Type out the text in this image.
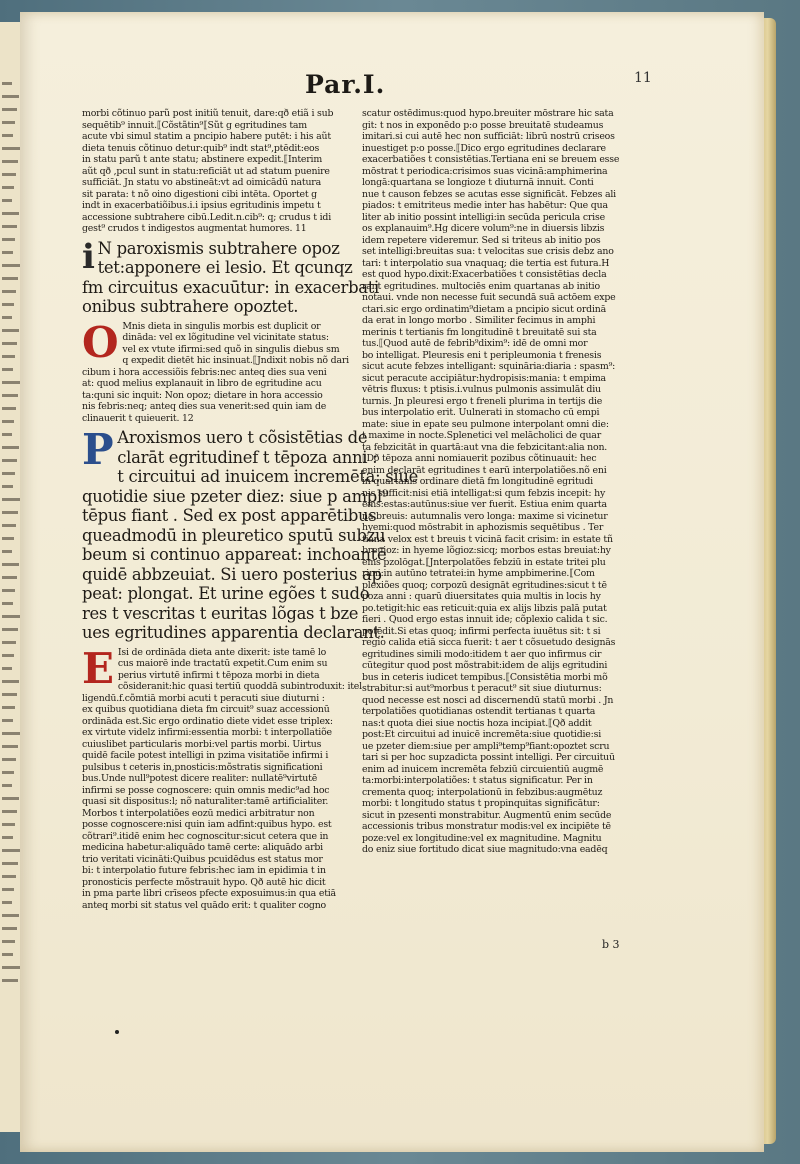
Par.I.	11
morbi cõtinuo parũ post initiũ tenuit, dare:qð etiã i sub
sequētib⁹ innuit.⟦Cõstãtin⁹⟦Sũt g egritudines tam
acute vbi simul statim a pncipio habere putēt: i his aũt
dieta tenuis cõtinuo detur:quib⁹ indt stat⁹,ptēdit:eos
in statu parũ t ante statu; abstinere expedit.⟦Interim
aũt qð ,pcul sunt in statu:reficiāt ut ad statum puenire
sufficiāt. Jn statu vo abstineāt:vt ad oimicādū natura
sit parata: t nõ oino digestioni cibi intēta. Oportet g
indt in exacerbatiõibus.i.i ipsius egritudinis impetu t
accessione subtrahere cibū.Ledit.n.cib⁹: q; crudus t idi
gest⁹ crudos t indigestos augmentat humores. 11
i N paroxismis subtrahere opoz
tet:apponere ei lesio. Et qcunqz
fm circuitus exacuūtur: in exacerbati
onibus subtrahere opoztet.
O Mnis dieta in singulis morbis est duplicit or
dināda: vel ex lõgitudine vel vicinitate status:
vel ex vtute ifirmi:sed quõ in singulis diebus sm
q expedit dietēt hic insinuat.⟦Jndixit nobis nõ dari
cibum i hora accessiõis febris:nec anteq dies sua veni
at: quod melius explanauit in libro de egritudine acu
ta:quni sic inquit: Non opoz; dietare in hora accessio
nis febris:neq; anteq dies sua venerit:sed quin iam de
clinauerit t quieuerit. 12
P Aroxismos uero t cõsistētias de
clarāt egritudinef t tēpoza anni :
t circuitui ad inuicem incremēta: siue
quotidie siue pzeter diez: siue p ampl⁹
tēpus fiant . Sed ex post apparētibus
queadmodū in pleuretico sputū subzu
beum si continuo appareat: inchoantē
quidē abbzeuiat. Si uero posterius ap
peat: plongat. Et urine egões t sudo
res t vescritas t euritas lõgas t bze
ues egritudines apparentia declarant.
E Isi de ordināda dieta ante dixerit: iste tamē lo
cus maiorē inde tractatū expetit.Cum enim su
perius virtutē infirmi t tēpoza morbi in dieta
cõsideranit:hic quasi tertiū quoddā subintroduxit: itel
ligendū.f.cõmtiā morbi acuti t peracuti siue diuturni :
ex quibus quotidiana dieta fm circuit⁹ suaz accessionū
ordināda est.Sic ergo ordinatio diete videt esse triplex:
ex virtute videlz infirmi:essentia morbi: t interpollatiõe
cuiuslibet particularis morbi:vel partis morbi. Uirtus
quidē facile potest intelligi in pzima visitatiõe infirmi i
pulsibus t ceteris in,pnosticis:mõstratis significationi
bus.Unde null⁹potest dicere realiter: nullatē⁹virtutē
infirmi se posse cognoscere: quin omnis medic⁹ad hoc
quasi sit dispositus:l; nõ naturaliter:tamē artificialiter.
Morbos t interpolatiões eozū medici arbitratur non
posse cognoscere:nisi quin iam adfint:quibus hypo. est
cõtrari⁹.itidē enim hec cognoscitur:sicut cetera que in
medicina habetur:aliquādo tamē certe: aliquādo arbi
trio veritati vicināti:Quibus pcuidēdus est status mor
bi: t interpolatio future febris:hec iam in epidimia t in
pronosticis perfecte mõstrauit hypo. Qð autē hic dicit
in pma parte libri crīseos pfecte exposuimus:in qua etiā
anteq morbi sit status vel quādo erit: t qualiter cogno
scatur ostēdimus:quod hypo.breuiter mōstrare hic sata
git: t nos in exponēdo p:o posse breuitatē studeamus
imitari.si cui autē hec non sufficiāt: librū nostrū criseos
inuestiget p:o posse.⟦Dico ergo egritudines declarare
exacerbatiões t consistētias.Tertiana eni se breuem esse
mōstrat t periodica:crisimos suas vicinā:amphimerina
longā:quartana se longioze t diuturnā innuit. Conti
nue t causon febzes se acutas esse significāt. Febzes ali
piados: t emitriteus medie inter has habētur: Que qua
liter ab initio possint intelligi:in secūda pericula crise
os explanauim⁹.Hg dicere volum⁹:ne in diuersis libzis
idem repetere videremur. Sed si triteus ab initio pos
set intelligi:breuitas sua: t velocitas sue crisis debz ano
tari: t interpolatio sua vnaquaq; die tertia est futura.H
est quod hypo.dixit:Exacerbatiões t consistētias decla
rant egritudines. multociēs enim quartanas ab initio
notaui. vnde non necesse fuit secundā suā actōem expe
ctari.sic ergo ordinatim⁹dietam a pncipio sicut ordinā
da erat in longo morbo . Similiter fecimus in amphi
merinis t tertianis fm longitudinē t breuitatē sui sta
tus.⟦Quod autē de febrib⁹dixim⁹: idē de omni mor
bo intelligat. Pleuresis eni t peripleumonia t frenesis
sicut acute febzes intelligant: squināria:diaria : spasm⁹:
sicut peracute accipiātur:hydropisis:mania: t empima
vētris fluxus: t ptisis.i.vulnus pulmonis assimulāt diu
turnis. Jn pleuresi ergo t freneli plurima in tertijs die
bus interpolatio erit. Uulnerati in stomacho cū empi
mate: siue in epate seu pulmone interpolant omni die:
t maxime in nocte.Splenetici vel melācholici de quar
ta febzicitāt in quartā:aut vna die febzicitant:alia non.
⟦Dð tēpoza anni nomiauerit pozibus cõtinuauit: hec
enim declarāt egritudines t earū interpolatiões.nõ eni
in quartanis ordinare dietā fm longitudinē egritudi
nis sufficit:nisi etiā intelligat:si qum febzis incepit: hy
ems:estas:autūnus:siue ver fuerit. Estiua enim quarta
na breuis: autumnalis vero longa: maxime si vicinetur
hyemi:quod mōstrabit in aphozismis sequētibus . Ter
tiana velox est t breuis t vicinā facit crisim: in estate tñ
breuioz: in hyeme lõgioz:sicq; morbos estas breuiat:hy
ems pzolōgat.⟦Jnterpolatões febziū in estate tritei plu
rimi:in autūno tetratei:in hyme ampbimerine.⟦Com
plexiões quoq; corpozū designāt egritudines:sicut t tē
poza anni : quarū diuersitates quia multis in locis hy
po.tetigit:hic eas reticuit:quia ex alijs libzis palā putat
fieri . Quod ergo estas innuit ide; cõplexio calida t sic.
potēdit.Si etas quoq; infirmi perfecta iuuētus sit: t si
regio calida etiā sicca fuerit: t aer t cõsuetudo designās
egritudines simili modo:itidem t aer quo infirmus cir
cūtegitur quod post mõstrabit:idem de alijs egritudini
bus in ceteris iudicet tempibus.⟦Consistētia morbi mõ
strabitur:si aut⁹morbus t peracut⁹ sit siue diuturnus:
quod necesse est nosci ad discernendū statū morbi . Jn
terpolatiões quotidianas ostendit tertianas t quarta
nas:t quota diei siue noctis hoza incipiat.⟦Qð addit
post:Et circuitui ad inuicē incremēta:siue quotidie:si
ue pzeter diem:siue per ampli⁹temp⁹fiant:opoztet scru
tari si per hoc supzadicta possint intelligi. Per circuituū
enim ad inuicem incremēta febziū circuientiū augmē
ta:morbi:interpolatiões: t status significatur. Per in
crementa quoq; interpolationū in febzibus:augmētuz
morbi: t longitudo status t propinquitas significātur:
sicut in pzesenti monstrabitur. Augmentū enim secūde
accessionis tribus monstratur modis:vel ex incipiēte tē
poze:vel ex longitudine:vel ex magnitudine. Magnitu
do eniz siue fortitudo dicat siue magnitudo:vna eadēq
b 3
